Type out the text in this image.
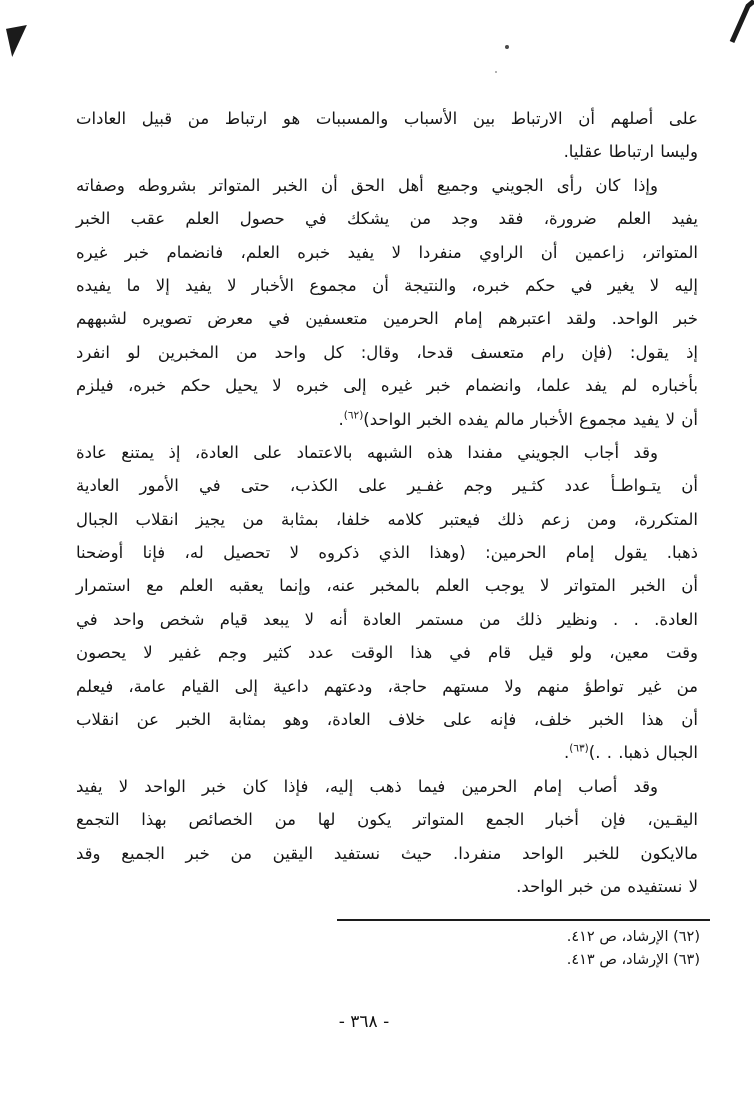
على أصلهم أن الارتباط بين الأسباب والمسببات هو ارتباط من قبيل العادات
وليسا ارتباطا عقليا.
وإذا كان رأى الجويني وجميع أهل الحق أن الخبر المتواتر بشروطه وصفاته
يفيد العلم ضرورة، فقد وجد من يشكك في حصول العلم عقب الخبر
المتواتر، زاعمين أن الراوي منفردا لا يفيد خبره العلم، فانضمام خبر غيره
إليه لا يغير في حكم خبره، والنتيجة أن مجموع الأخبار لا يفيد إلا ما يفيده
خبر الواحد. ولقد اعتبرهم إمام الحرمين متعسفين في معرض تصويره لشبههم
إذ يقول: (فإن رام متعسف قدحا، وقال: كل واحد من المخبرين لو انفرد
بأخباره لم يفد علما، وانضمام خبر غيره إلى خبره لا يحيل حكم خبره، فيلزم
أن لا يفيد مجموع الأخبار مالم يفده الخبر الواحد)$^{(٦٢)}$.
وقد أجاب الجويني مفندا هذه الشبهه بالاعتماد على العادة، إذ يمتنع عادة
أن يتـواطـأ عدد كثـير وجم غفـير على الكذب، حتى في الأمور العادية
المتكررة، ومن زعم ذلك فيعتبر كلامه خلفا، بمثابة من يجيز انقلاب الجبال
ذهبا. يقول إمام الحرمين: (وهذا الذي ذكروه لا تحصيل له، فإنا أوضحنا
أن الخبر المتواتر لا يوجب العلم بالمخبر عنه، وإنما يعقبه العلم مع استمرار
العادة. . . ونظير ذلك من مستمر العادة أنه لا يبعد قيام شخص واحد في
وقت معين، ولو قيل قام في هذا الوقت عدد كثير وجم غفير لا يحصون
من غير تواطؤ منهم ولا مستهم حاجة، ودعتهم داعية إلى القيام عامة، فيعلم
أن هذا الخبر خلف، فإنه على خلاف العادة، وهو بمثابة الخبر عن انقلاب
الجبال ذهبا. . .)$^{(٦٣)}$.
وقد أصاب إمام الحرمين فيما ذهب إليه، فإذا كان خبر الواحد لا يفيد
اليقـين، فإن أخبار الجمع المتواتر يكون لها من الخصائص بهذا التجمع
مالايكون للخبر الواحد منفردا. حيث نستفيد اليقين من خبر الجميع وقد
لا نستفيده من خبر الواحد.
(٦٢) الإرشاد، ص ٤١٢.
(٦٣) الإرشاد، ص ٤١٣.
- ٣٦٨ -
